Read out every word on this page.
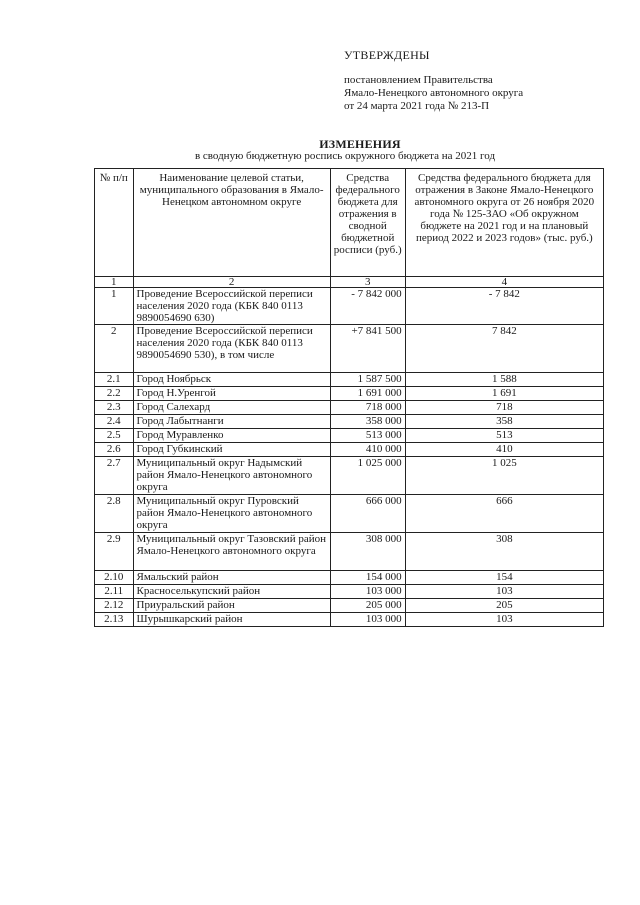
УТВЕРЖДЕНЫ
постановлением Правительства
Ямало-Ненецкого автономного округа
от 24 марта 2021 года № 213-П
ИЗМЕНЕНИЯ
в сводную бюджетную роспись окружного бюджета на 2021 год
№ п/п	Наименование целевой статьи, муниципального образования в Ямало-Ненецком автономном округе	Средства федерального бюджета для отражения в сводной бюджетной росписи (руб.)	Средства федерального бюджета для отражения в Законе Ямало-Ненецкого автономного округа от 26 ноября 2020 года № 125-ЗАО «Об окружном бюджете на 2021 год и на плановый период 2022 и 2023 годов» (тыс. руб.)
1	2	3	4
1	Проведение Всероссийской переписи населения 2020 года (КБК 840 0113 9890054690 630)	- 7 842 000	- 7 842
2	Проведение Всероссийской переписи населения 2020 года (КБК 840 0113 9890054690 530), в том числе	+7 841 500	7 842
2.1	Город Ноябрьск	1 587 500	1 588
2.2	Город Н.Уренгой	1 691 000	1 691
2.3	Город Салехард	718 000	718
2.4	Город Лабытнанги	358 000	358
2.5	Город Муравленко	513 000	513
2.6	Город Губкинский	410 000	410
2.7	Муниципальный округ Надымский район Ямало-Ненецкого автономного округа	1 025 000	1 025
2.8	Муниципальный округ Пуровский район Ямало-Ненецкого автономного округа	666 000	666
2.9	Муниципальный округ Тазовский район Ямало-Ненецкого автономного округа	308 000	308
2.10	Ямальский район	154 000	154
2.11	Красноселькупский район	103 000	103
2.12	Приуральский район	205 000	205
2.13	Шурышкарский район	103 000	103
